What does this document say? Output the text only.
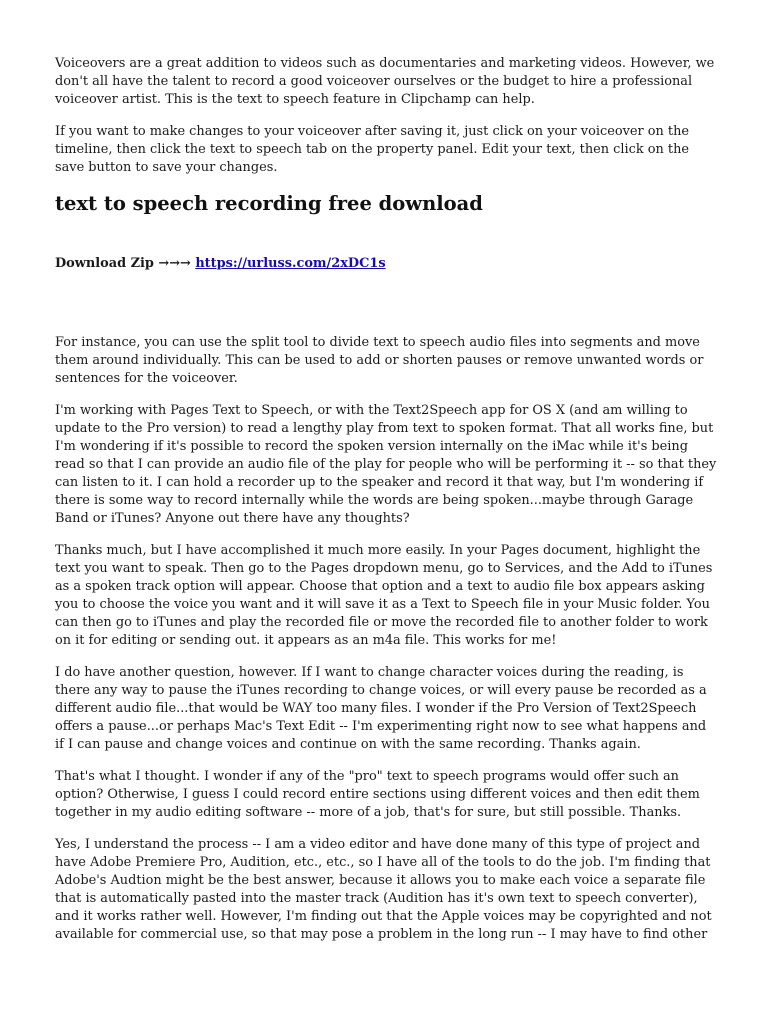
Voiceovers are a great addition to videos such as documentaries and marketing videos. However, we don't all have the talent to record a good voiceover ourselves or the budget to hire a professional voiceover artist. This is the text to speech feature in Clipchamp can help.

If you want to make changes to your voiceover after saving it, just click on your voiceover on the timeline, then click the text to speech tab on the property panel. Edit your text, then click on the save button to save your changes.

text to speech recording free download

Download Zip →→→ https://urluss.com/2xDC1s

For instance, you can use the split tool to divide text to speech audio files into segments and move them around individually. This can be used to add or shorten pauses or remove unwanted words or sentences for the voiceover.

I'm working with Pages Text to Speech, or with the Text2Speech app for OS X (and am willing to update to the Pro version) to read a lengthy play from text to spoken format. That all works fine, but I'm wondering if it's possible to record the spoken version internally on the iMac while it's being read so that I can provide an audio file of the play for people who will be performing it -- so that they can listen to it. I can hold a recorder up to the speaker and record it that way, but I'm wondering if there is some way to record internally while the words are being spoken...maybe through Garage Band or iTunes? Anyone out there have any thoughts?

Thanks much, but I have accomplished it much more easily. In your Pages document, highlight the text you want to speak. Then go to the Pages dropdown menu, go to Services, and the Add to iTunes as a spoken track option will appear. Choose that option and a text to audio file box appears asking you to choose the voice you want and it will save it as a Text to Speech file in your Music folder. You can then go to iTunes and play the recorded file or move the recorded file to another folder to work on it for editing or sending out. it appears as an m4a file. This works for me!

I do have another question, however. If I want to change character voices during the reading, is there any way to pause the iTunes recording to change voices, or will every pause be recorded as a different audio file...that would be WAY too many files. I wonder if the Pro Version of Text2Speech offers a pause...or perhaps Mac's Text Edit -- I'm experimenting right now to see what happens and if I can pause and change voices and continue on with the same recording. Thanks again.

That's what I thought. I wonder if any of the "pro" text to speech programs would offer such an option? Otherwise, I guess I could record entire sections using different voices and then edit them together in my audio editing software -- more of a job, that's for sure, but still possible. Thanks.

Yes, I understand the process -- I am a video editor and have done many of this type of project and have Adobe Premiere Pro, Audition, etc., etc., so I have all of the tools to do the job. I'm finding that Adobe's Audtion might be the best answer, because it allows you to make each voice a separate file that is automatically pasted into the master track (Audition has it's own text to speech converter), and it works rather well. However, I'm finding out that the Apple voices may be copyrighted and not available for commercial use, so that may pose a problem in the long run -- I may have to find other
